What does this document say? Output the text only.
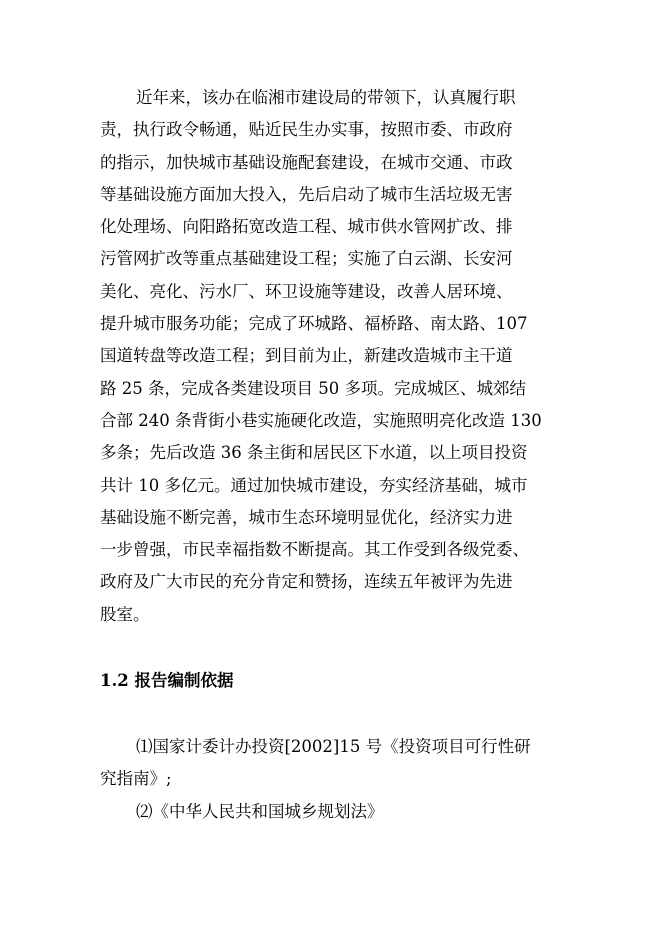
近年来，该办在临湘市建设局的带领下，认真履行职
责，执行政令畅通，贴近民生办实事，按照市委、市政府
的指示，加快城市基础设施配套建设，在城市交通、市政
等基础设施方面加大投入，先后启动了城市生活垃圾无害
化处理场、向阳路拓宽改造工程、城市供水管网扩改、排
污管网扩改等重点基础建设工程；实施了白云湖、长安河
美化、亮化、污水厂、环卫设施等建设，改善人居环境、
提升城市服务功能；完成了环城路、福桥路、南太路、107
国道转盘等改造工程；到目前为止，新建改造城市主干道
路 25 条，完成各类建设项目 50 多项。完成城区、城郊结
合部 240 条背街小巷实施硬化改造，实施照明亮化改造 130
多条；先后改造 36 条主街和居民区下水道，以上项目投资
共计 10 多亿元。通过加快城市建设，夯实经济基础，城市
基础设施不断完善，城市生态环境明显优化，经济实力进
一步曾强，市民幸福指数不断提高。其工作受到各级党委、
政府及广大市民的充分肯定和赞扬，连续五年被评为先进
股室。

1.2 报告编制依据

⑴国家计委计办投资[2002]15 号《投资项目可行性研
究指南》;

⑵《中华人民共和国城乡规划法》
